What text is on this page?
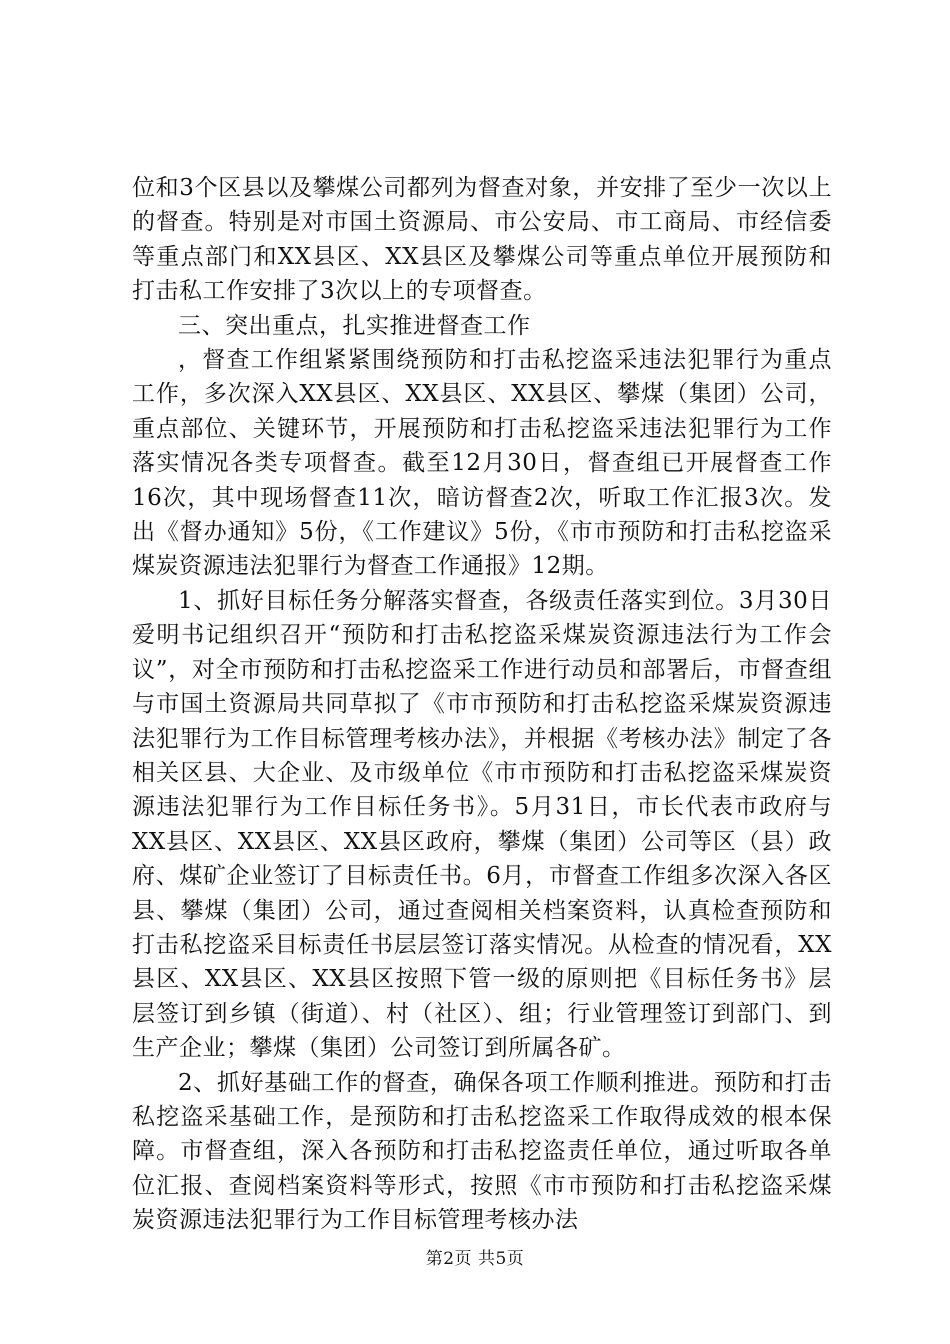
位和3个区县以及攀煤公司都列为督查对象，并安排了至少一次以上的督查。特别是对市国土资源局、市公安局、市工商局、市经信委等重点部门和XX县区、XX县区及攀煤公司等重点单位开展预防和打击私工作安排了3次以上的专项督查。

三、突出重点，扎实推进督查工作

，督查工作组紧紧围绕预防和打击私挖盗采违法犯罪行为重点工作，多次深入XX县区、XX县区、XX县区、攀煤（集团）公司，重点部位、关键环节，开展预防和打击私挖盗采违法犯罪行为工作落实情况各类专项督查。截至12月30日，督查组已开展督查工作16次，其中现场督查11次，暗访督查2次，听取工作汇报3次。发出《督办通知》5份，《工作建议》5份，《市市预防和打击私挖盗采煤炭资源违法犯罪行为督查工作通报》12期。

1、抓好目标任务分解落实督查，各级责任落实到位。3月30日爱明书记组织召开“预防和打击私挖盗采煤炭资源违法行为工作会议”，对全市预防和打击私挖盗采工作进行动员和部署后，市督查组与市国土资源局共同草拟了《市市预防和打击私挖盗采煤炭资源违法犯罪行为工作目标管理考核办法》，并根据《考核办法》制定了各相关区县、大企业、及市级单位《市市预防和打击私挖盗采煤炭资源违法犯罪行为工作目标任务书》。5月31日，市长代表市政府与XX县区、XX县区、XX县区政府，攀煤（集团）公司等区（县）政府、煤矿企业签订了目标责任书。6月，市督查工作组多次深入各区县、攀煤（集团）公司，通过查阅相关档案资料，认真检查预防和打击私挖盗采目标责任书层层签订落实情况。从检查的情况看，XX县区、XX县区、XX县区按照下管一级的原则把《目标任务书》层层签订到乡镇（街道）、村（社区）、组；行业管理签订到部门、到生产企业；攀煤（集团）公司签订到所属各矿。

2、抓好基础工作的督查，确保各项工作顺利推进。预防和打击私挖盗采基础工作，是预防和打击私挖盗采工作取得成效的根本保障。市督查组，深入各预防和打击私挖盗责任单位，通过听取各单位汇报、查阅档案资料等形式，按照《市市预防和打击私挖盗采煤炭资源违法犯罪行为工作目标管理考核办法

第2页 共5页
